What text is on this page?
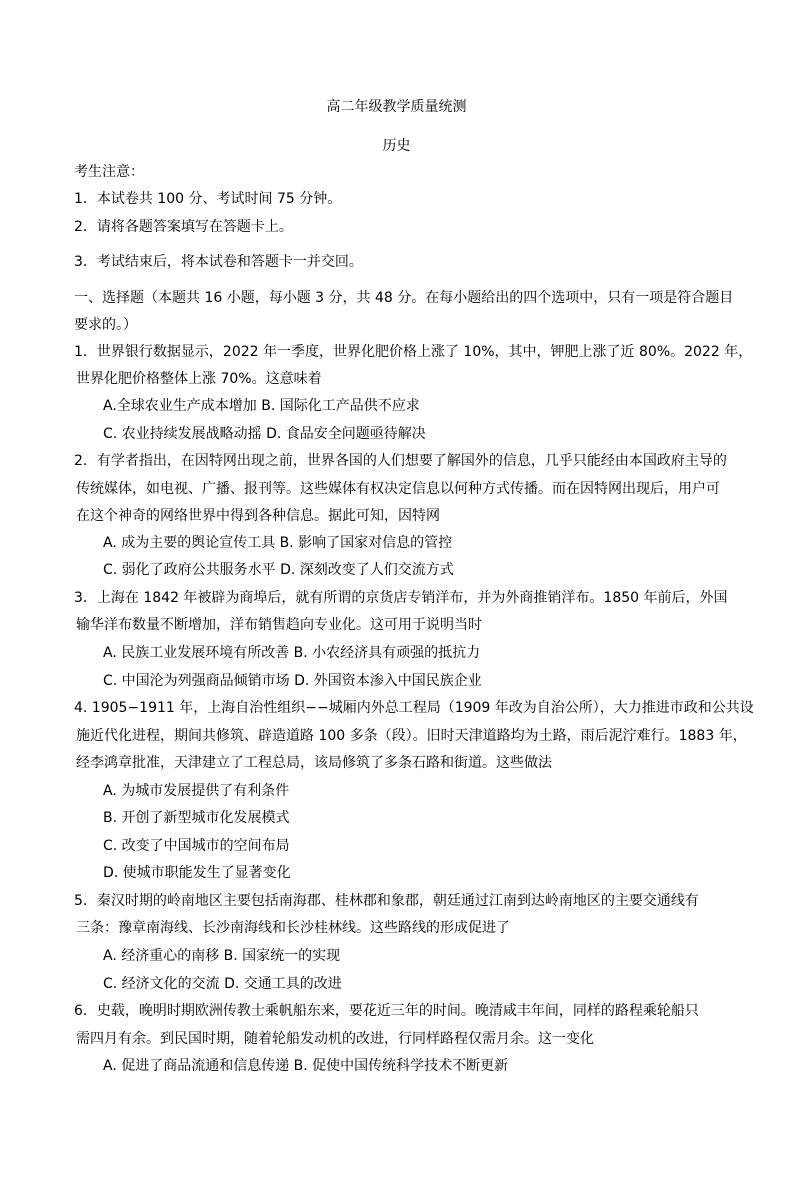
高二年级教学质量统测
历史
考生注意：
1．本试卷共 100 分、考试时间 75 分钟。
2．请将各题答案填写在答题卡上。
3．考试结束后，将本试卷和答题卡一并交回。
一、选择题（本题共 16 小题，每小题 3 分，共 48 分。在每小题给出的四个选项中，只有一项是符合题目
要求的。）
1．世界银行数据显示，2022 年一季度，世界化肥价格上涨了 10%，其中，钾肥上涨了近 80%。2022 年，
世界化肥价格整体上涨 70%。这意味着
A.全球农业生产成本增加 B. 国际化工产品供不应求
C. 农业持续发展战略动摇 D. 食品安全问题亟待解决
2．有学者指出，在因特网出现之前，世界各国的人们想要了解国外的信息，几乎只能经由本国政府主导的
传统媒体，如电视、广播、报刊等。这些媒体有权决定信息以何种方式传播。而在因特网出现后，用户可
在这个神奇的网络世界中得到各种信息。据此可知，因特网
A. 成为主要的舆论宣传工具 B. 影响了国家对信息的管控
C. 弱化了政府公共服务水平 D. 深刻改变了人们交流方式
3．上海在 1842 年被辟为商埠后，就有所谓的京货店专销洋布，并为外商推销洋布。1850 年前后，外国
输华洋布数量不断增加，洋布销售趋向专业化。这可用于说明当时
A. 民族工业发展环境有所改善 B. 小农经济具有顽强的抵抗力
C. 中国沦为列强商品倾销市场 D. 外国资本渗入中国民族企业
4. 1905−1911 年，上海自治性组织−−城厢内外总工程局（1909 年改为自治公所），大力推进市政和公共设
施近代化进程，期间共修筑、辟造道路 100 多条（段）。旧时天津道路均为土路，雨后泥泞难行。1883 年，
经李鸿章批准，天津建立了工程总局，该局修筑了多条石路和街道。这些做法
A. 为城市发展提供了有利条件
B. 开创了新型城市化发展模式
C. 改变了中国城市的空间布局
D. 使城市职能发生了显著变化
5．秦汉时期的岭南地区主要包括南海郡、桂林郡和象郡，朝廷通过江南到达岭南地区的主要交通线有
三条：豫章南海线、长沙南海线和长沙桂林线。这些路线的形成促进了
A. 经济重心的南移 B. 国家统一的实现
C. 经济文化的交流 D. 交通工具的改进
6．史载，晚明时期欧洲传教士乘帆船东来，要花近三年的时间。晚清咸丰年间，同样的路程乘轮船只
需四月有余。到民国时期，随着轮船发动机的改进，行同样路程仅需月余。这一变化
A. 促进了商品流通和信息传递 B. 促使中国传统科学技术不断更新
